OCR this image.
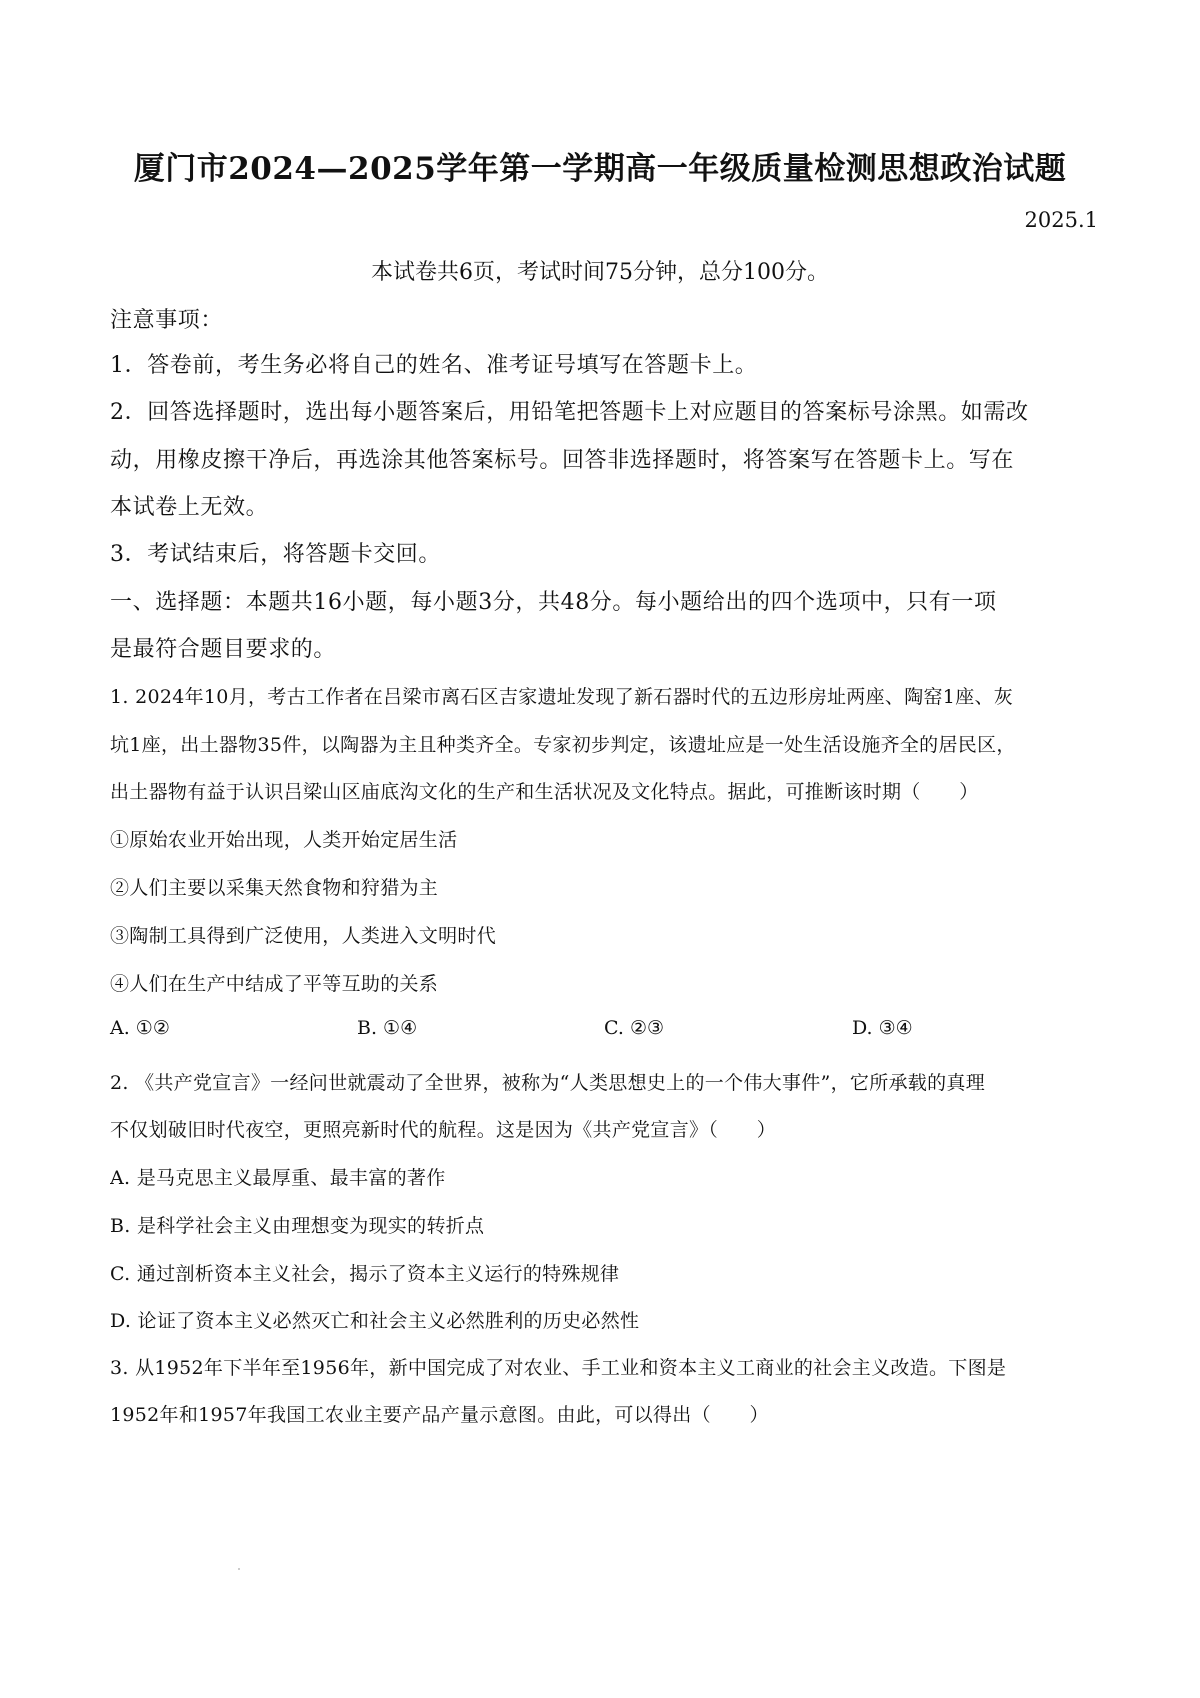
厦门市2024—2025学年第一学期高一年级质量检测思想政治试题
2025.1
本试卷共6页，考试时间75分钟，总分100分。
注意事项：
1．答卷前，考生务必将自己的姓名、准考证号填写在答题卡上。
2．回答选择题时，选出每小题答案后，用铅笔把答题卡上对应题目的答案标号涂黑。如需改
动，用橡皮擦干净后，再选涂其他答案标号。回答非选择题时，将答案写在答题卡上。写在
本试卷上无效。
3．考试结束后，将答题卡交回。
一、选择题：本题共16小题，每小题3分，共48分。每小题给出的四个选项中，只有一项
是最符合题目要求的。
1. 2024年10月，考古工作者在吕梁市离石区吉家遗址发现了新石器时代的五边形房址两座、陶窑1座、灰
坑1座，出土器物35件，以陶器为主且种类齐全。专家初步判定，该遗址应是一处生活设施齐全的居民区，
出土器物有益于认识吕梁山区庙底沟文化的生产和生活状况及文化特点。据此，可推断该时期（　　）
①原始农业开始出现，人类开始定居生活
②人们主要以采集天然食物和狩猎为主
③陶制工具得到广泛使用，人类进入文明时代
④人们在生产中结成了平等互助的关系
A. ①②	B. ①④	C. ②③	D. ③④
2. 《共产党宣言》一经问世就震动了全世界，被称为“人类思想史上的一个伟大事件”，它所承载的真理
不仅划破旧时代夜空，更照亮新时代的航程。这是因为《共产党宣言》（　　）
A. 是马克思主义最厚重、最丰富的著作
B. 是科学社会主义由理想变为现实的转折点
C. 通过剖析资本主义社会，揭示了资本主义运行的特殊规律
D. 论证了资本主义必然灭亡和社会主义必然胜利的历史必然性
3. 从1952年下半年至1956年，新中国完成了对农业、手工业和资本主义工商业的社会主义改造。下图是
1952年和1957年我国工农业主要产品产量示意图。由此，可以得出（　　）
